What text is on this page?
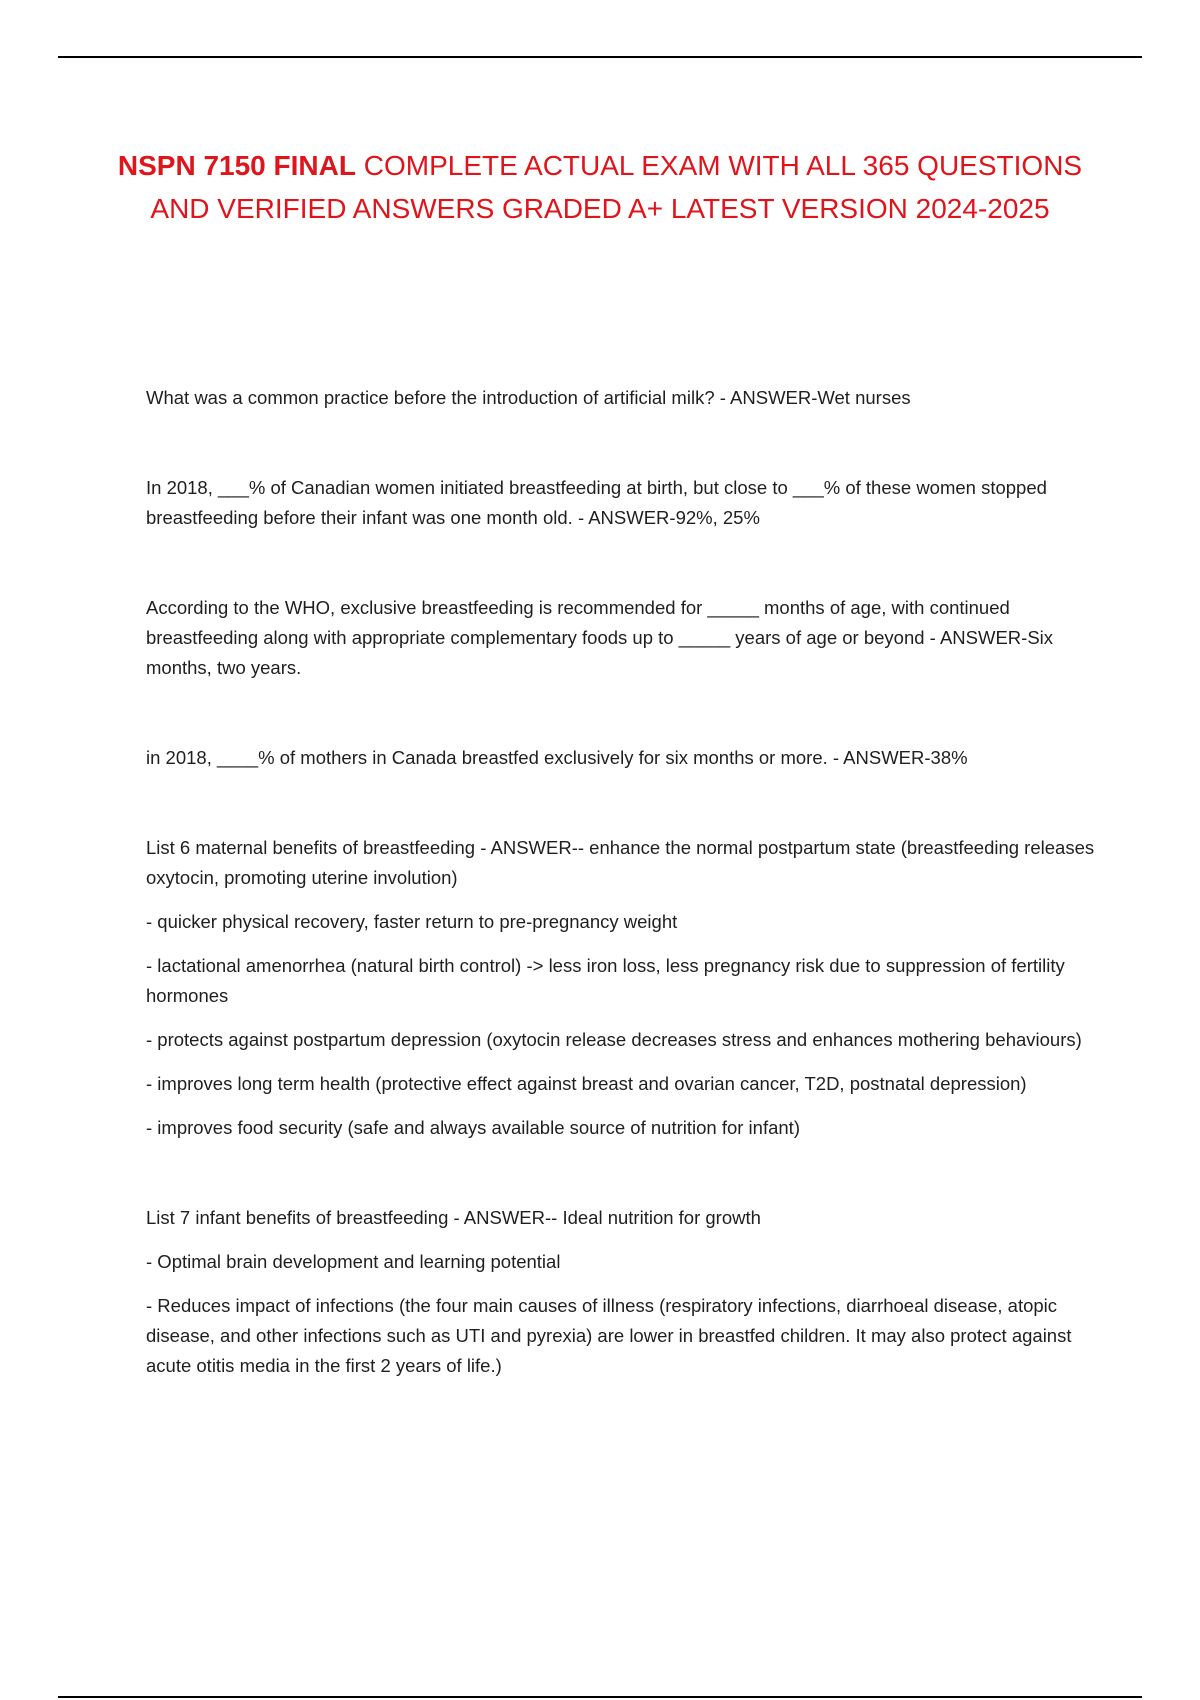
NSPN 7150 FINAL COMPLETE ACTUAL EXAM WITH ALL 365 QUESTIONS AND VERIFIED ANSWERS GRADED A+ LATEST VERSION 2024-2025

What was a common practice before the introduction of artificial milk? - ANSWER-Wet nurses

In 2018, ___% of Canadian women initiated breastfeeding at birth, but close to ___% of these women stopped breastfeeding before their infant was one month old. - ANSWER-92%, 25%

According to the WHO, exclusive breastfeeding is recommended for _____ months of age, with continued breastfeeding along with appropriate complementary foods up to _____ years of age or beyond - ANSWER-Six months, two years.

in 2018, ____% of mothers in Canada breastfed exclusively for six months or more. - ANSWER-38%

List 6 maternal benefits of breastfeeding - ANSWER-- enhance the normal postpartum state (breastfeeding releases oxytocin, promoting uterine involution)

- quicker physical recovery, faster return to pre-pregnancy weight

- lactational amenorrhea (natural birth control) -> less iron loss, less pregnancy risk due to suppression of fertility hormones

- protects against postpartum depression (oxytocin release decreases stress and enhances mothering behaviours)

- improves long term health (protective effect against breast and ovarian cancer, T2D, postnatal depression)

- improves food security (safe and always available source of nutrition for infant)

List 7 infant benefits of breastfeeding - ANSWER-- Ideal nutrition for growth

- Optimal brain development and learning potential

- Reduces impact of infections (the four main causes of illness (respiratory infections, diarrhoeal disease, atopic disease, and other infections such as UTI and pyrexia) are lower in breastfed children. It may also protect against acute otitis media in the first 2 years of life.)
